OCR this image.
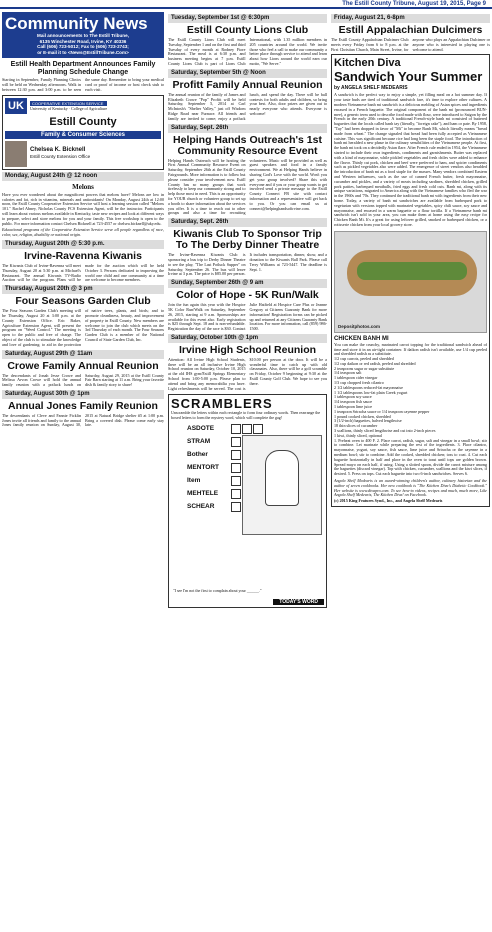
The Estill County Tribune, August 19, 2015, Page 9
Community News
Mail announcements to The Estill Tribune,
6135 Winchester Road, Irvine, KY 40336
Call (606) 723-5012; Fax to (606) 723-2743;
or E-mail it to <News@EstillTribune.Com>
Estill Health Department Announces Family Planning Schedule Change
Starting in September, Family Planning Clinics will be held on Wednesday afternoons. Walk in between 12:30 p.m. and 3:00 p.m. to be seen the same day. Remember to bring your medical card or proof of income or host check stub to each visit.
UK	COOPERATIVE EXTENSION SERVICE
University of Kentucky · College of Agriculture
Estill County
Family & Consumer Sciences
Chelsea K. Bicknell
Estill County Extension Office
Monday, August 24th @ 12 noon
Melons
Have you ever wondered about the magnificent powers that melons have? Melons are low in calories and fat, rich in vitamins, minerals and antioxidants! On Monday, August 24th at 12:00 noon, the Estill County Cooperative Extension Service will host a learning session called "Melons 101." Rachel Abney, Nicholas County FCS Extension Agent, will be the instructor. Participants will learn about various melons available in Kentucky, taste new recipes and look at different ways to prepare, select and store melons for you and your family. This free workshop is open to the public. For more information contact Chelsea Bicknell at 723-4557 or chelsea.bicknell@uky.edu.
Educational programs of the Cooperative Extension Service serve all people regardless of race, color, sex, religion, disability or national origin.
Thursday, August 20th @ 5:30 p.m.
Irvine-Ravenna Kiwanis
The Kiwanis Club of Irvine-Ravenna will meet Thursday, August 20 at 5:30 p.m. at Michael's Restaurant. The annual Kiwanis TV-Radio Auction will be the program. Plans will be made for the auction which will be held October 3. Persons dedicated to improving the world one child and one community at a time are welcome to become members.
Thursday, August 20th @ 3 pm
Four Seasons Garden Club
The Four Seasons Garden Club's meeting will be Thursday, August 20 at 3:00 p.m. at the County Extension Office. Eric Baker, Agriculture Extension Agent, will present the program on "Weed Control." The meeting is open to the public and free of charge. The object of the club is to stimulate the knowledge and love of gardening; to aid in the protection of native trees, plants, and birds; and to promote cleanliness, beauty, and improvement of property in Estill County. New members are welcome to join the club which meets on the 3rd Thursday of each month. The Four Seasons Garden Club is a member of the National Council of State Garden Club, Inc.
Saturday, August 29th @ 11am
Crowe Family Annual Reunion
The descendants of Jonah Jesse Crowe and Melissa Arvon Crowe will hold the annual family reunion with a potluck lunch on Saturday, August 29, 2015 at the Estill County Fair Barn starting at 11 a.m. Bring your favorite dish & family story to share!
Saturday, August 30th @ 1pm
Annual Jones Family Reunion
The descendants of Cleve and Fannie Ficklin Jones invite all friends and family to the annual Jones family reunion on Sunday, August 30, 2015 at Natural Bridge shelter #5 at 1:00 p.m. Bring a covered dish. Please come early stay late.
Tuesday, September 1st @ 6:30pm
Estill County Lions Club
The Estill County Lions Club will meet Tuesday, September 1 and on the first and third Tuesday of every month at Rodney Fiore Restaurant. The meal is at 6:30 p.m. and business meeting begins at 7 p.m. Estill County Lions Club is part of Lions Club International, with 1.35 million members in 205 countries around the world. We invite those who feel a call to make our community a better place through service to attend and learn about how Lions around the world earn our motto, "We Serve."
Saturday, September 5th @ Noon
Profitt Family Annual Reunion
The annual reunion of the family of James and Elizabeth Crowe "Pop" Profitt will be held Saturday, September 5, 2014 at Carl McIntosh's "Shelter Valley," just off Wisdom Ridge Road near Furnace. All friends and family are invited to come; enjoy a potluck lunch, and spend the day. There will be ball contests for both adults and children, so bring your best. Also, door prizes are given out to nearly everyone who attends. Everyone is welcome!
Saturday, Sept. 26th
Helping Hands Outreach's 1st Community Resource Event
Helping Hands Outreach will be hosting the First Annual Community Resource Event on Saturday, September 26th at the Estill County Fairgrounds. More information is to follow but please consider your involvement now. Estill County has so many groups that work tirelessly to keep our community strong and to help those most in need. This is an opportunity for YOUR church or volunteer group to set up a booth to share information about the services you offer. It is a time to reach out to other groups and also a time for recruiting volunteers. Music will be provided as well as guest speakers and food in a family environment. We at Helping Hands believe in sharing God's Love with the world. Won't you get your group involved? Share this with everyone and if you or your group wants to get involved send a private message to the Estill County Connect FB site with contact information and a representative will get back to you. Or you can email us at connect@helpinghandsofirvine.com.
Saturday, Sept. 26th
Kiwanis Club To Sponsor Trip To The Derby Dinner Theatre
The Irvine-Ravenna Kiwanis Club is sponsoring a bus trip to Derby Dinner Theatre to see the play, "The Last Potluck Supper" on Saturday, September 26. The bus will leave Irvine at 3 p.m. The price is $85.00 per person. It includes transportation, dinner, show, and a donation to the Kiwanis Ball Park. Please call Terry Williams at 723-5447. The deadline is Sept. 1.
Sunday, September 26th @ 9 am
Color of Hope - 5K Run/Walk
Join the fun again this year with the Hospice 5K Color Run/Walk on Saturday, September 26, 2015, starting at 9 a.m. Sponsorships are available for this event also. Early registration is $25 through Sept. 18 and is non-refundable. Registration the day of the race is $30. Contact Julie Hatfield at Hospice Care Plus or Jeanne Gregory at Citizens Guaranty Bank for more information! Registration forms can be picked up and returned at any Citizens Guaranty Bank location. For more information, call (859) 986-1500.
Saturday, October 10th @ 1pm
Irvine High School Reunion
Attention: All Irvine High School Students, there will be an all inclusive Irvine High School reunion on Saturday, October 10, 2015 at the old IHS gym/Estill Springs Elementary School from 1:00-5:00 p.m. Please plan to attend and bring any memorabilia you have. Light refreshments will be served. The cost is $10.00 per person at the door. It will be a wonderful time to catch up with old classmates. Also, there will be a golf scramble on Friday, October 9 beginning at 9:30 at the Estill County Golf Club. We hope to see you there.
SCRAMBLERS
Unscramble the letters within each rectangle to form four ordinary words. Then rearrange the boxed letters to form the mystery word, which will complete the gag!
ASDOTE
STRAM
Bother
MENTORT
Item
MEHTELE
SCHEAR
"I see I'm not the first to complain about your ______."
TODAY'S WORD
Friday, August 21, 6-8pm
Estill Appalachian Dulcimers
The Estill County Appalachian Dulcimer Club meets every Friday from 6 to 8 p.m. at the First Christian Church, Main Street, Irvine, for anyone who plays an Appalachian Dulcimer or anyone who is interested in playing one is welcome to attend.
Kitchen Diva
Sandwich Your Summer
by ANGELA SHELF MEDEARIS
A sandwich is the perfect way to enjoy a simple, yet filling meal on a hot summer day. If your taste buds are tired of traditional sandwich fare, it's time to explore other cultures. A modern Vietnamese banh mi sandwich is a delicious melding of Asian spices and ingredients encased in a French baguette. The original component of the banh mi (pronounced BUN-mee), a generic term used to describe food made with flour, were introduced to Saigon by the French in the early 20th century. A traditional French-style banh mi consisted of buttered baguettes that the locals called banh tay (literally, "foreign cake"), and ham or pate. By 1958, "Tay" had been dropped in favor of "Mi" to become Banh Mi, which literally means "bread made from wheat." The change signaled that bread had been fully accepted as Vietnamese cuisine. This was significant because rice had long been the staple food. The introduction of banh mi heralded a new phase in the culinary sensibilities of the Vietnamese people. At first, the banh mi took on a decidedly Asian flare. After French rule ended in 1954, the Vietnamese started to include their own ingredients, condiments and garnishments. Butter was replaced with a kind of mayonnaise, while pickled vegetables and fresh chiles were added to enhance the flavor. Thinly cut pork, chicken and beef were preferred to ham, and spicier condiments such as pickled vegetables also were added. The emergence of street vendors also heralded the introduction of banh mi as a food staple for the masses. Many vendors combined Eastern and Western influences, such as the use of canned French butter, fresh mayonnaise, cucumber and pickles, and a variety of meats including sardines, shredded chicken, grilled pork patties, barbequed meatballs, fried eggs and fresh cold cuts. Banh mi, along with its unique variations, migrated to America along with the Vietnamese families who fled the war in the 1960s and '70s. They continued the traditional banh mi with ingredients from their new home. Today, a variety of banh mi sandwiches are available from barbequed pork to vegetarian with versions topped with marinated vegetables, spicy chili sauce, soy sauce and mayonnaise, and encased in a warm baguette or a flour tortilla. If a Vietnamese banh mi sandwich isn't sold in your area, you can make them at home using the easy recipe for Chicken Banh Mi. It's a great for using leftover grilled, smoked or barbequed chicken, or a rotisserie chicken from your local grocery store.
Depositphotos.com
CHICKEN BANH MI
You can make the crunchy, marinated carrot topping for the traditional sandwich ahead of time and store it in an air-tight container. If daikon radish isn't available, use 1/4 cup peeled and shredded radish as a substitute.
1/2 cup carrots, peeled and shredded
1/2 cup daikon or red radish, peeled and shredded
2 teaspoons sugar or sugar substitute
1/4 teaspoon salt
1 tablespoon cider vinegar
1/3 cup chopped fresh cilantro
2 1/2 tablespoons reduced-fat mayonnaise
1 1/2 tablespoons low-fat plain Greek yogurt
1 tablespoon soy sauce
1/4 teaspoon fish sauce
1 tablespoon lime juice
1 teaspoon Sriracha sauce or 1/4 teaspoon cayenne pepper
1 pound cooked chicken, shredded
3 (1/2-inch) baguettes, halved lengthwise
18 thin slices of cucumber
3 scallions, thinly sliced lengthwise and cut into 2-inch pieces
1 kiwi, thinly sliced, optional
1. Preheat oven to 400 F. 2. Place carrot, radish, sugar, salt and vinegar in a small bowl; stir to combine. Let marinate while preparing the rest of the ingredients. 3. Place cilantro, mayonnaise, yogurt, soy sauce, fish sauce, lime juice and Sriracha or the cayenne in a medium bowl; stir to combine. Add the cooked, shredded chicken; toss to coat. 4. Cut each baguette horizontally in half and place in the oven to toast until tops are golden brown. Spread mayo on each half, if using. Using a slotted spoon, divide the carrot mixture among the baguettes (discard vinegar). Top with chicken, cucumber, scallions and the kiwi slices, if desired. 5. Press on tops. Cut each baguette into two 6-inch sandwiches. Serves 6.
Angela Shelf Medearis is an award-winning children's author, culinary historian and the author of seven cookbooks. Her new cookbook is "The Kitchen Diva's Diabetic Cookbook." Her website is www.divapro.com. To see how-to videos, recipes and much, much more, Like Angela Shelf Medearis, The Kitchen Diva! on Facebook.
(c) 2015 King Features Synd., Inc., and Angela Shelf Medearis
